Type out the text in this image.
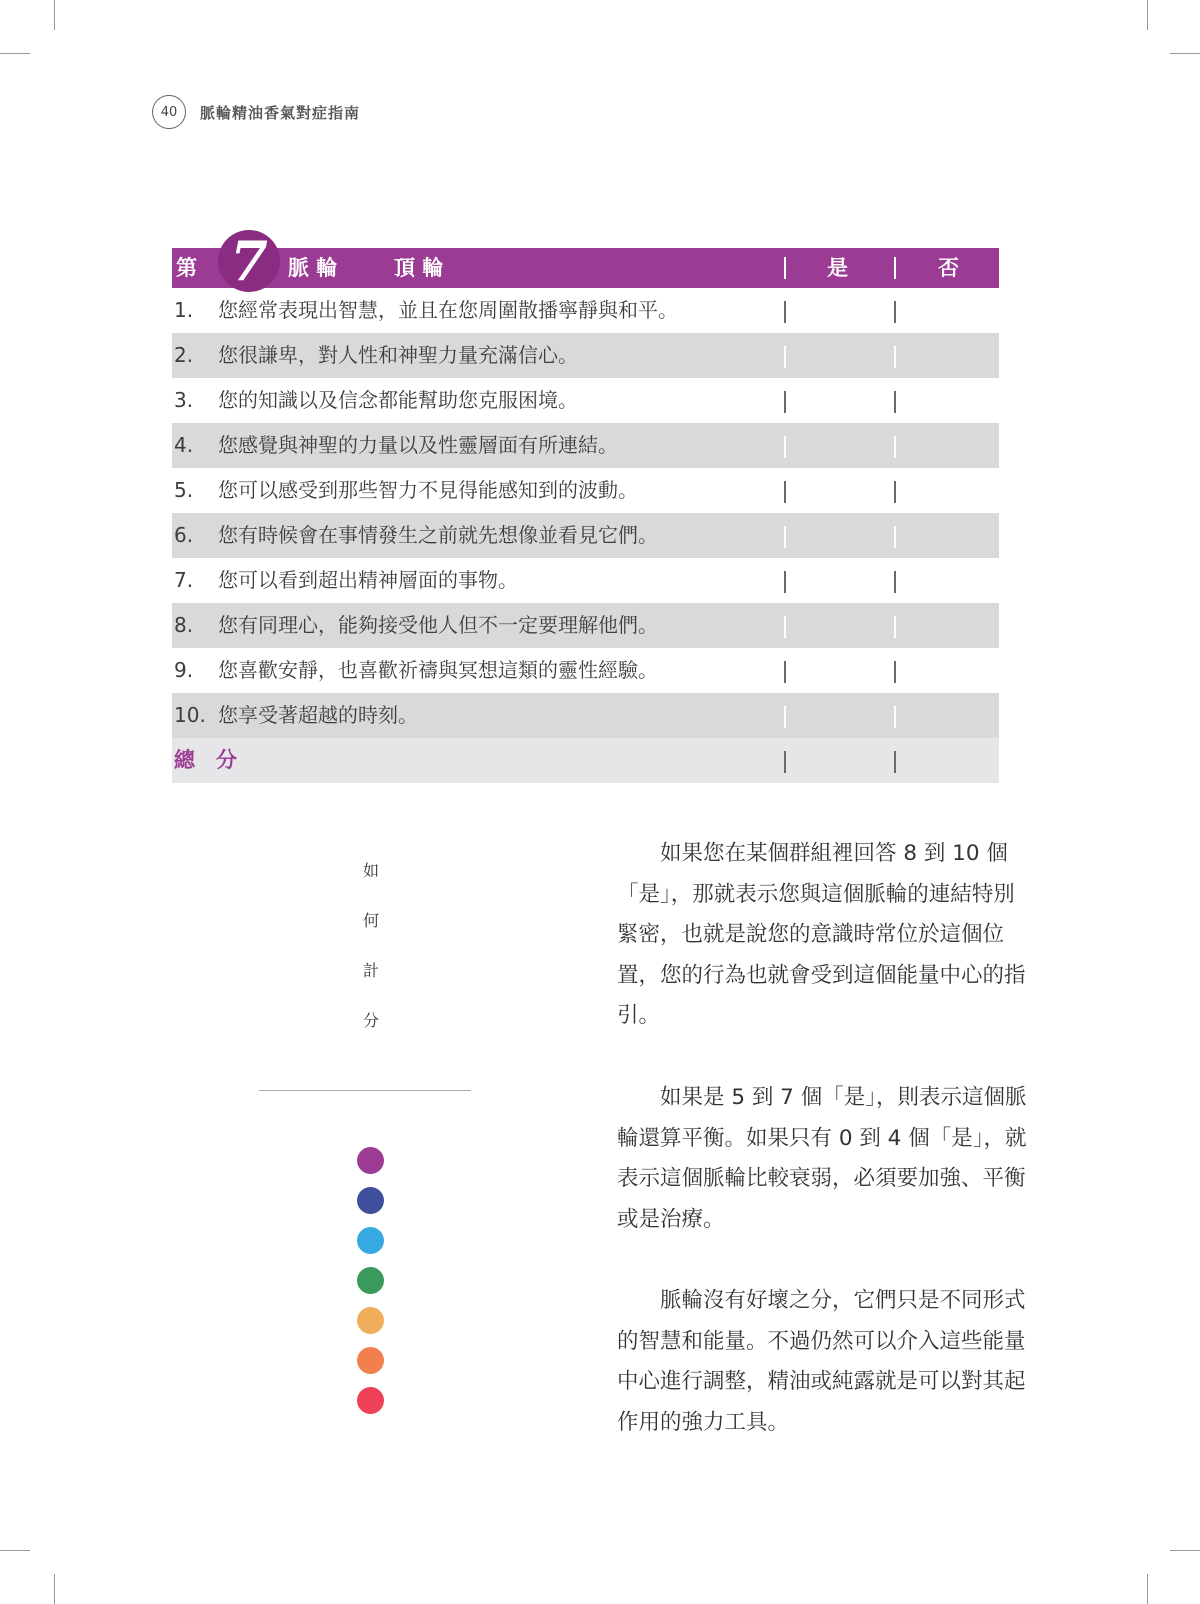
40	脈輪精油香氣對症指南
第 7 脈 輪	頂 輪	是	否
1. 您經常表現出智慧，並且在您周圍散播寧靜與和平。
2. 您很謙卑，對人性和神聖力量充滿信心。
3. 您的知識以及信念都能幫助您克服困境。
4. 您感覺與神聖的力量以及性靈層面有所連結。
5. 您可以感受到那些智力不見得能感知到的波動。
6. 您有時候會在事情發生之前就先想像並看見它們。
7. 您可以看到超出精神層面的事物。
8. 您有同理心，能夠接受他人但不一定要理解他們。
9. 您喜歡安靜，也喜歡祈禱與冥想這類的靈性經驗。
10. 您享受著超越的時刻。
總　分
如
何
計
分

如果您在某個群組裡回答 8 到 10 個「是」，那就表示您與這個脈輪的連結特別緊密，也就是說您的意識時常位於這個位置，您的行為也就會受到這個能量中心的指引。

如果是 5 到 7 個「是」，則表示這個脈輪還算平衡。如果只有 0 到 4 個「是」，就表示這個脈輪比較衰弱，必須要加強、平衡或是治療。

脈輪沒有好壞之分，它們只是不同形式的智慧和能量。不過仍然可以介入這些能量中心進行調整，精油或純露就是可以對其起作用的強力工具。
